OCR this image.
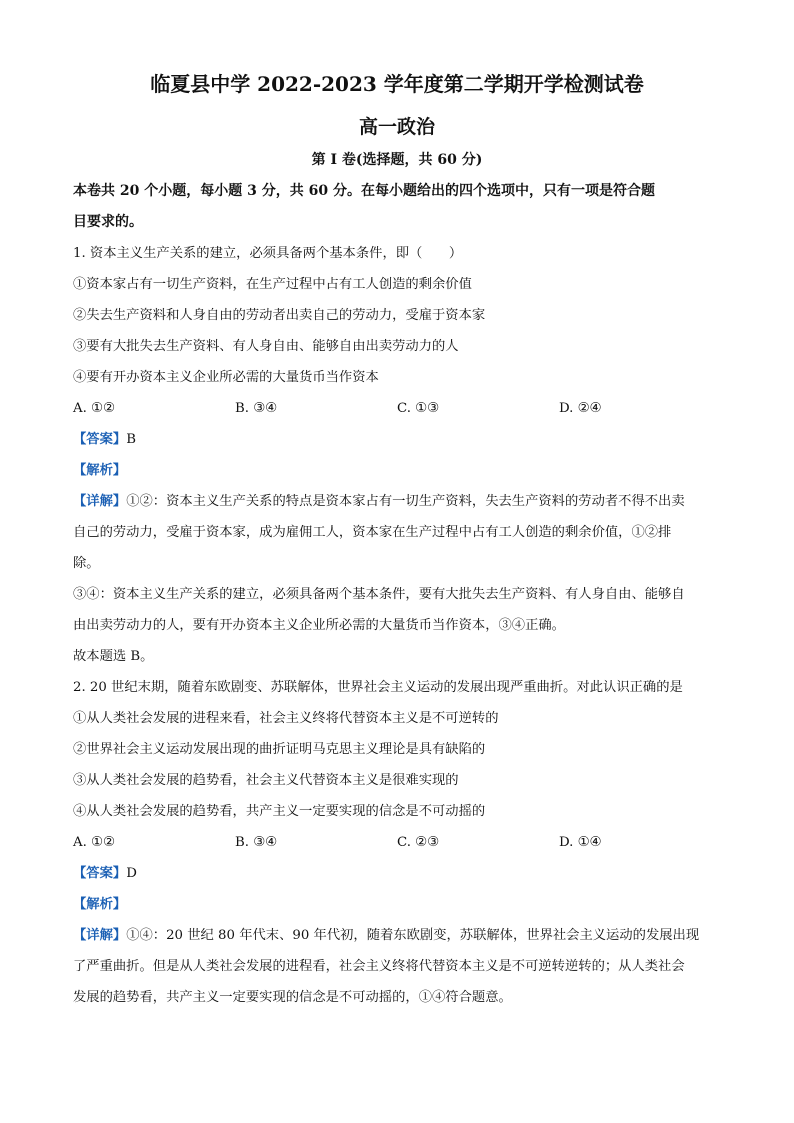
临夏县中学 2022-2023 学年度第二学期开学检测试卷
高一政治
第 I 卷(选择题，共 60 分)

本卷共 20 个小题，每小题 3 分，共 60 分。在每小题给出的四个选项中，只有一项是符合题

目要求的。

1. 资本主义生产关系的建立，必须具备两个基本条件，即（　　）

①资本家占有一切生产资料，在生产过程中占有工人创造的剩余价值

②失去生产资料和人身自由的劳动者出卖自己的劳动力，受雇于资本家

③要有大批失去生产资料、有人身自由、能够自由出卖劳动力的人

④要有开办资本主义企业所必需的大量货币当作资本

A. ①②	B. ③④	C. ①③	D. ②④

【答案】B

【解析】

【详解】①②：资本主义生产关系的特点是资本家占有一切生产资料，失去生产资料的劳动者不得不出卖

自己的劳动力，受雇于资本家，成为雇佣工人，资本家在生产过程中占有工人创造的剩余价值，①②排

除。

③④：资本主义生产关系的建立，必须具备两个基本条件，要有大批失去生产资料、有人身自由、能够自

由出卖劳动力的人，要有开办资本主义企业所必需的大量货币当作资本，③④正确。

故本题选 B。

2. 20 世纪末期，随着东欧剧变、苏联解体，世界社会主义运动的发展出现严重曲折。对此认识正确的是

①从人类社会发展的进程来看，社会主义终将代替资本主义是不可逆转的

②世界社会主义运动发展出现的曲折证明马克思主义理论是具有缺陷的

③从人类社会发展的趋势看，社会主义代替资本主义是很难实现的

④从人类社会发展的趋势看，共产主义一定要实现的信念是不可动摇的

A. ①②	B. ③④	C. ②③	D. ①④

【答案】D

【解析】

【详解】①④：20 世纪 80 年代末、90 年代初，随着东欧剧变，苏联解体，世界社会主义运动的发展出现

了严重曲折。但是从人类社会发展的进程看，社会主义终将代替资本主义是不可逆转逆转的；从人类社会

发展的趋势看，共产主义一定要实现的信念是不可动摇的，①④符合题意。
